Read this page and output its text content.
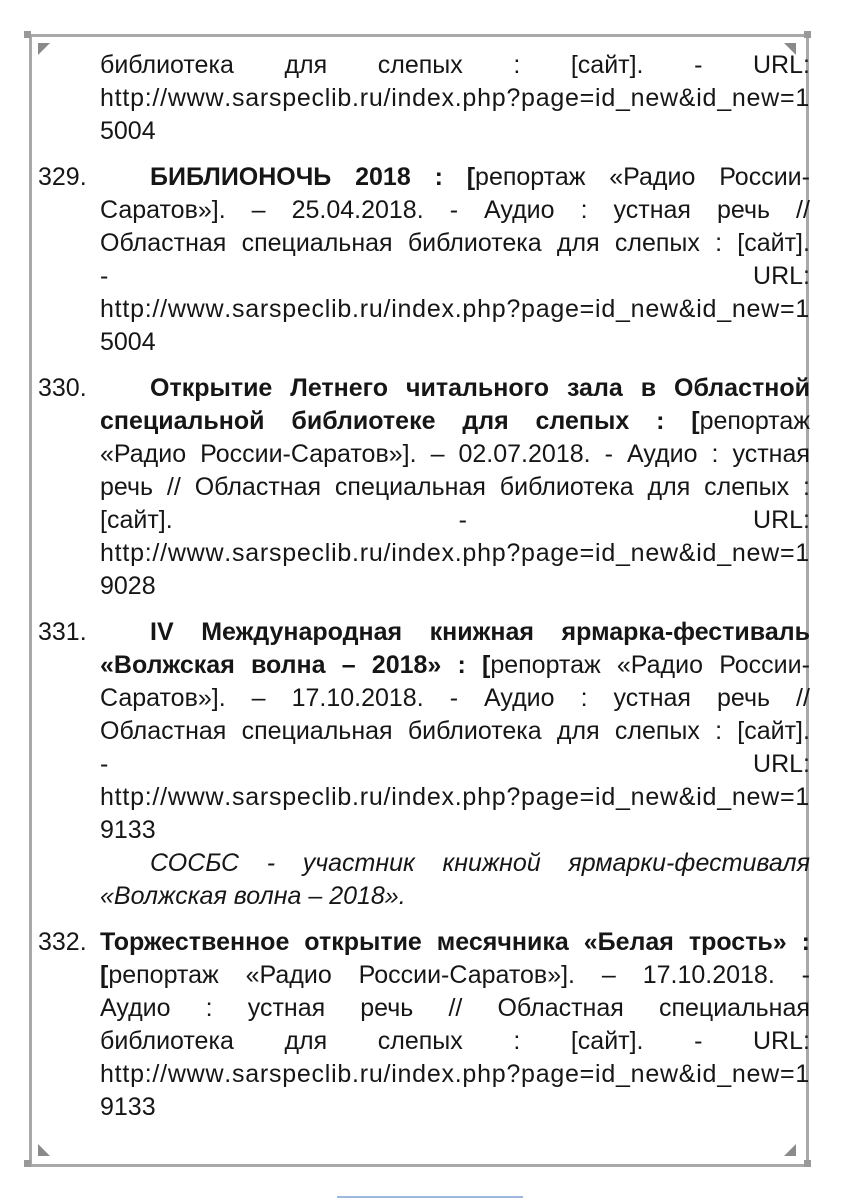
библиотека для слепых : [сайт]. - URL:
h t t p : / / w w w . s a r s p e c l i b . r u / i n d e x . p h p ? p a g e = i d _ n e w & i d _ n e w = 1
5004
329.	БИБЛИОНОЧЬ 2018 : [репортаж «Радио России-
Саратов»]. – 25.04.2018. - Аудио : устная речь //
Областная специальная библиотека для слепых : [сайт].
-	URL:
h t t p : / / w w w . s a r s p e c l i b . r u / i n d e x . p h p ? p a g e = i d _ n e w & i d _ n e w = 1
5004
330.	Открытие Летнего читального зала в Областной
специальной библиотеке для слепых : [репортаж
«Радио России-Саратов»]. – 02.07.2018. - Аудио : устная
речь // Областная специальная библиотека для слепых :
[сайт].	-	URL:
h t t p : / / w w w . s a r s p e c l i b . r u / i n d e x . p h p ? p a g e = i d _ n e w & i d _ n e w = 1
9028
331.	IV Международная книжная ярмарка-фестиваль
«Волжская волна – 2018» : [репортаж «Радио России-
Саратов»]. – 17.10.2018. - Аудио : устная речь //
Областная специальная библиотека для слепых : [сайт].
-	URL:
h t t p : / / w w w . s a r s p e c l i b . r u / i n d e x . p h p ? p a g e = i d _ n e w & i d _ n e w = 1
9133
СОСБС - участник книжной ярмарки-фестиваля
«Волжская волна – 2018».
332. Торжественное открытие месячника «Белая трость» :
[репортаж «Радио России-Саратов»]. – 17.10.2018. -
Аудио : устная речь // Областная специальная
библиотека для слепых : [сайт]. - URL:
h t t p : / / w w w . s a r s p e c l i b . r u / i n d e x . p h p ? p a g e = i d _ n e w & i d _ n e w = 1
9133
